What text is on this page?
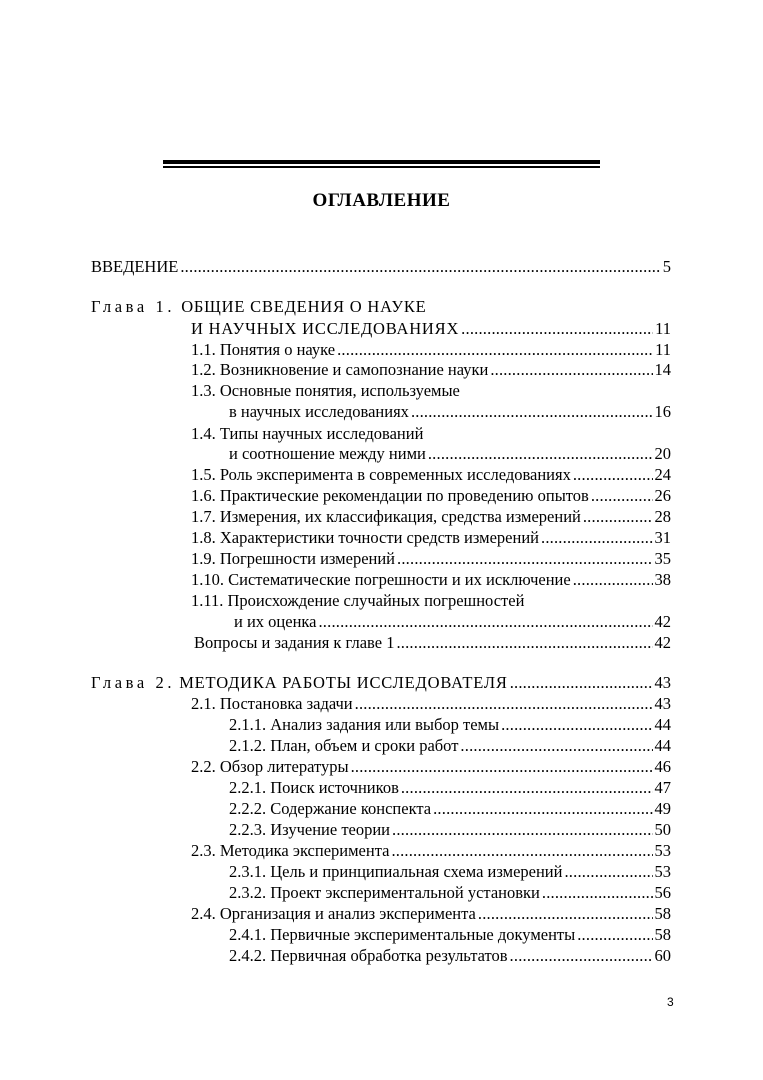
ОГЛАВЛЕНИЕ
ВВЕДЕНИЕ .....	5
Глава 1. ОБЩИЕ СВЕДЕНИЯ О НАУКЕ
И НАУЧНЫХ ИССЛЕДОВАНИЯХ .....	11
1.1. Понятия о науке .....	11
1.2. Возникновение и самопознание науки .....	14
1.3. Основные понятия, используемые
в научных исследованиях .....	16
1.4. Типы научных исследований
и соотношение между ними .....	20
1.5. Роль эксперимента в современных исследованиях .....	24
1.6. Практические рекомендации по проведению опытов .....	26
1.7. Измерения, их классификация, средства измерений .....	28
1.8. Характеристики точности средств измерений .....	31
1.9. Погрешности измерений .....	35
1.10. Систематические погрешности и их исключение .....	38
1.11. Происхождение случайных погрешностей
и их оценка .....	42
Вопросы и задания к главе 1 .....	42
Глава 2. МЕТОДИКА РАБОТЫ ИССЛЕДОВАТЕЛЯ .....	43
2.1. Постановка задачи .....	43
2.1.1. Анализ задания или выбор темы .....	44
2.1.2. План, объем и сроки работ .....	44
2.2. Обзор литературы .....	46
2.2.1. Поиск источников .....	47
2.2.2. Содержание конспекта .....	49
2.2.3. Изучение теории .....	50
2.3. Методика эксперимента .....	53
2.3.1. Цель и принципиальная схема измерений .....	53
2.3.2. Проект экспериментальной установки .....	56
2.4. Организация и анализ эксперимента .....	58
2.4.1. Первичные экспериментальные документы .....	58
2.4.2. Первичная обработка результатов .....	60
3
